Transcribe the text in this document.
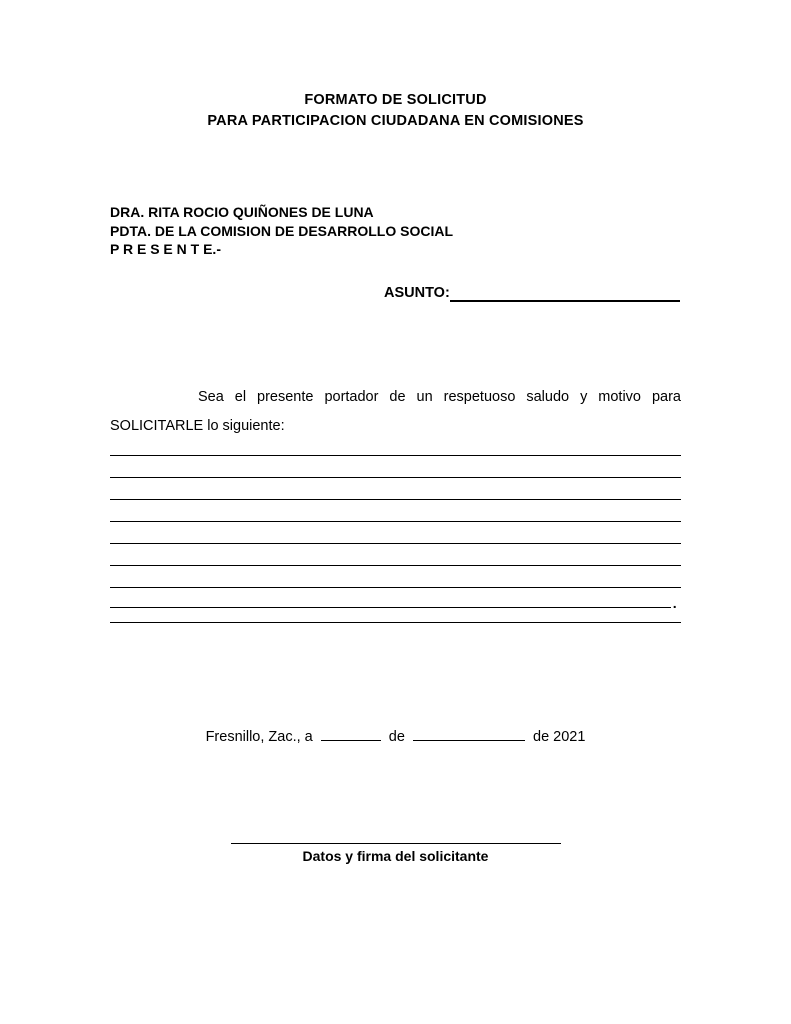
FORMATO DE SOLICITUD
PARA PARTICIPACION CIUDADANA EN COMISIONES
DRA. RITA ROCIO QUIÑONES DE LUNA
PDTA. DE LA COMISION DE DESARROLLO SOCIAL
P R E S E N T E.-
ASUNTO:
Sea el presente portador de un respetuoso saludo y motivo para SOLICITARLE lo siguiente:
.
Fresnillo, Zac., a	de	de 2021
Datos y firma del solicitante
